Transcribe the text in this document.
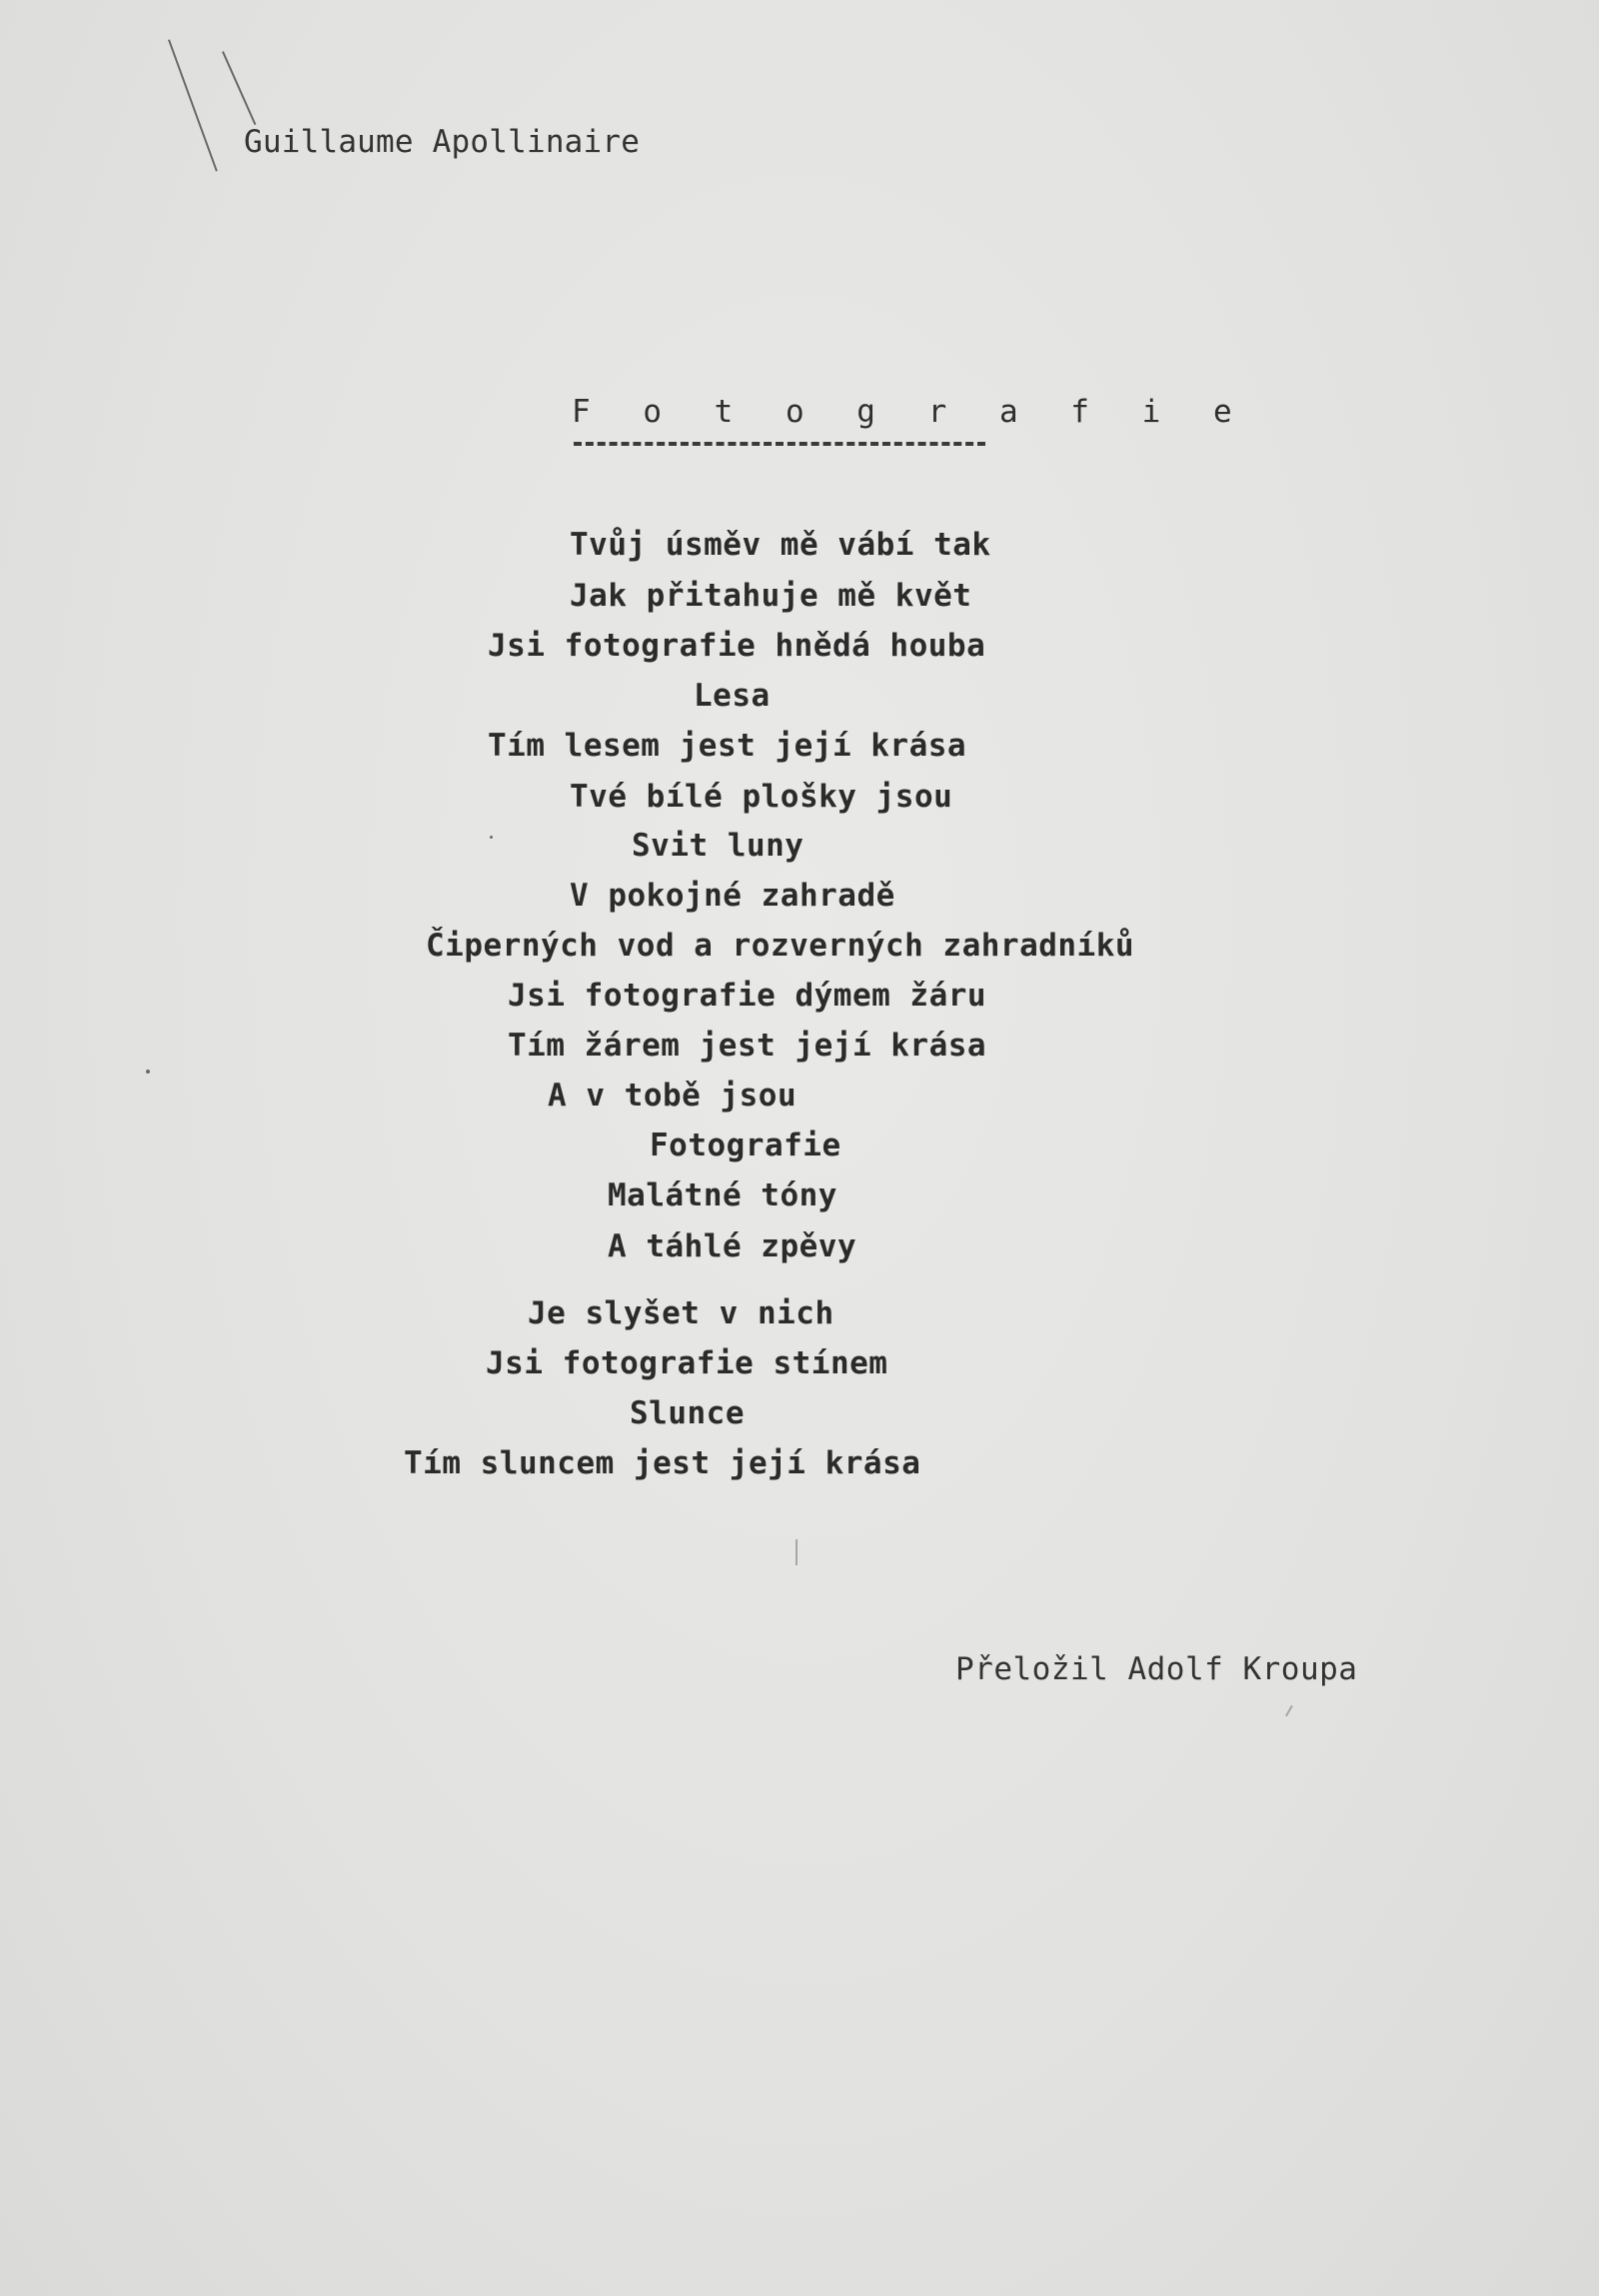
Guillaume Apollinaire
F o t o g r a f i e
Tvůj úsměv mě vábí tak
Jak přitahuje mě květ
Jsi fotografie hnědá houba
Lesa
Tím lesem jest její krása
Tvé bílé plošky jsou
Svit luny
V pokojné zahradě
Čiperných vod a rozverných zahradníků
Jsi fotografie dýmem žáru
Tím žárem jest její krása
A v tobě jsou
Fotografie
Malátné tóny
A táhlé zpěvy
Je slyšet v nich
Jsi fotografie stínem
Slunce
Tím sluncem jest její krása
Přeložil Adolf Kroupa
